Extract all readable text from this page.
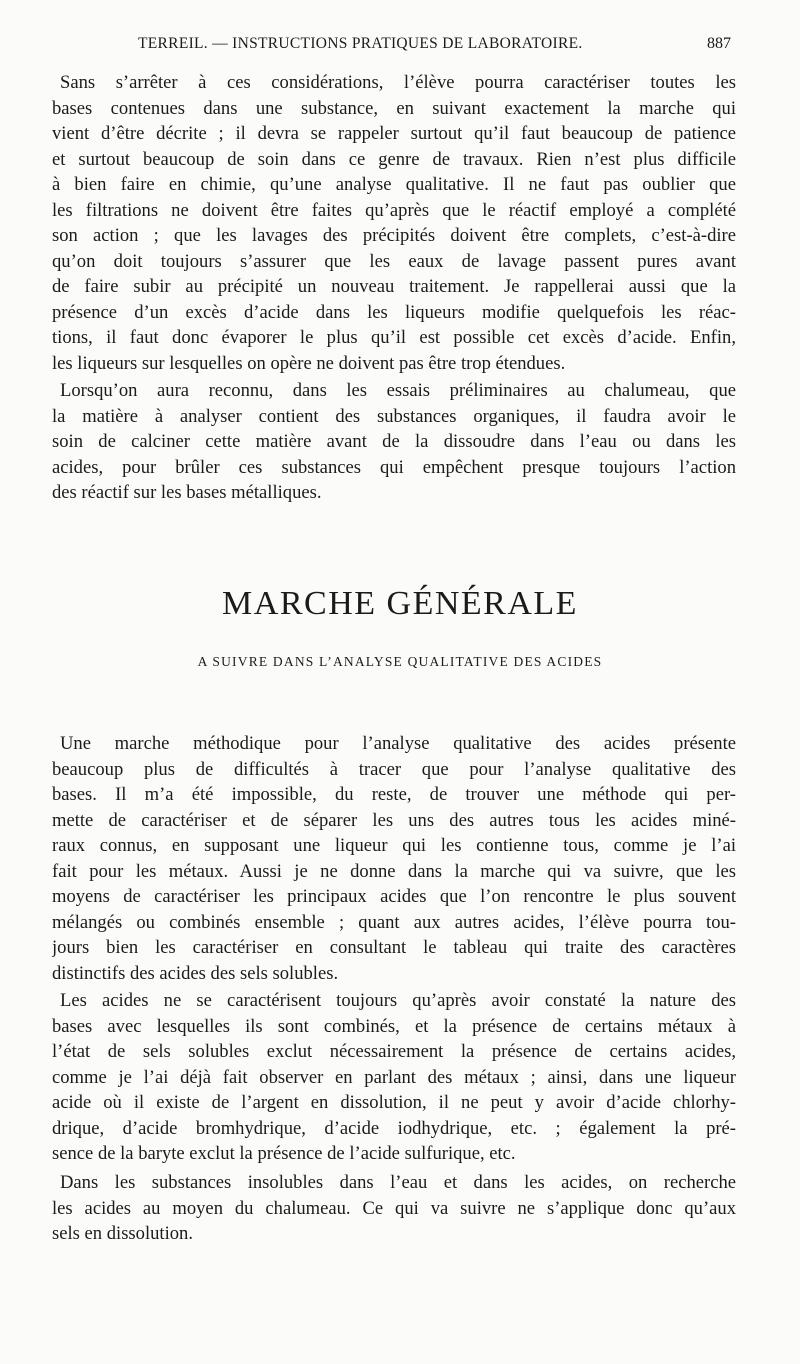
TERREIL. — INSTRUCTIONS PRATIQUES DE LABORATOIRE.	887
Sans s’arrêter à ces considérations, l’élève pourra caractériser toutes les
bases contenues dans une substance, en suivant exactement la marche qui
vient d’être décrite ; il devra se rappeler surtout qu’il faut beaucoup de patience
et surtout beaucoup de soin dans ce genre de travaux. Rien n’est plus difficile
à bien faire en chimie, qu’une analyse qualitative. Il ne faut pas oublier que
les filtrations ne doivent être faites qu’après que le réactif employé a complété
son action ; que les lavages des précipités doivent être complets, c’est-à-dire
qu’on doit toujours s’assurer que les eaux de lavage passent pures avant
de faire subir au précipité un nouveau traitement. Je rappellerai aussi que la
présence d’un excès d’acide dans les liqueurs modifie quelquefois les réac-
tions, il faut donc évaporer le plus qu’il est possible cet excès d’acide. Enfin,
les liqueurs sur lesquelles on opère ne doivent pas être trop étendues.
Lorsqu’on aura reconnu, dans les essais préliminaires au chalumeau, que
la matière à analyser contient des substances organiques, il faudra avoir le
soin de calciner cette matière avant de la dissoudre dans l’eau ou dans les
acides, pour brûler ces substances qui empêchent presque toujours l’action
des réactif sur les bases métalliques.
MARCHE GÉNÉRALE
A SUIVRE DANS L’ANALYSE QUALITATIVE DES ACIDES
Une marche méthodique pour l’analyse qualitative des acides présente
beaucoup plus de difficultés à tracer que pour l’analyse qualitative des
bases. Il m’a été impossible, du reste, de trouver une méthode qui per-
mette de caractériser et de séparer les uns des autres tous les acides miné-
raux connus, en supposant une liqueur qui les contienne tous, comme je l’ai
fait pour les métaux. Aussi je ne donne dans la marche qui va suivre, que les
moyens de caractériser les principaux acides que l’on rencontre le plus souvent
mélangés ou combinés ensemble ; quant aux autres acides, l’élève pourra tou-
jours bien les caractériser en consultant le tableau qui traite des caractères
distinctifs des acides des sels solubles.
Les acides ne se caractérisent toujours qu’après avoir constaté la nature des
bases avec lesquelles ils sont combinés, et la présence de certains métaux à
l’état de sels solubles exclut nécessairement la présence de certains acides,
comme je l’ai déjà fait observer en parlant des métaux ; ainsi, dans une liqueur
acide où il existe de l’argent en dissolution, il ne peut y avoir d’acide chlorhy-
drique, d’acide bromhydrique, d’acide iodhydrique, etc. ; également la pré-
sence de la baryte exclut la présence de l’acide sulfurique, etc.
Dans les substances insolubles dans l’eau et dans les acides, on recherche
les acides au moyen du chalumeau. Ce qui va suivre ne s’applique donc qu’aux
sels en dissolution.
